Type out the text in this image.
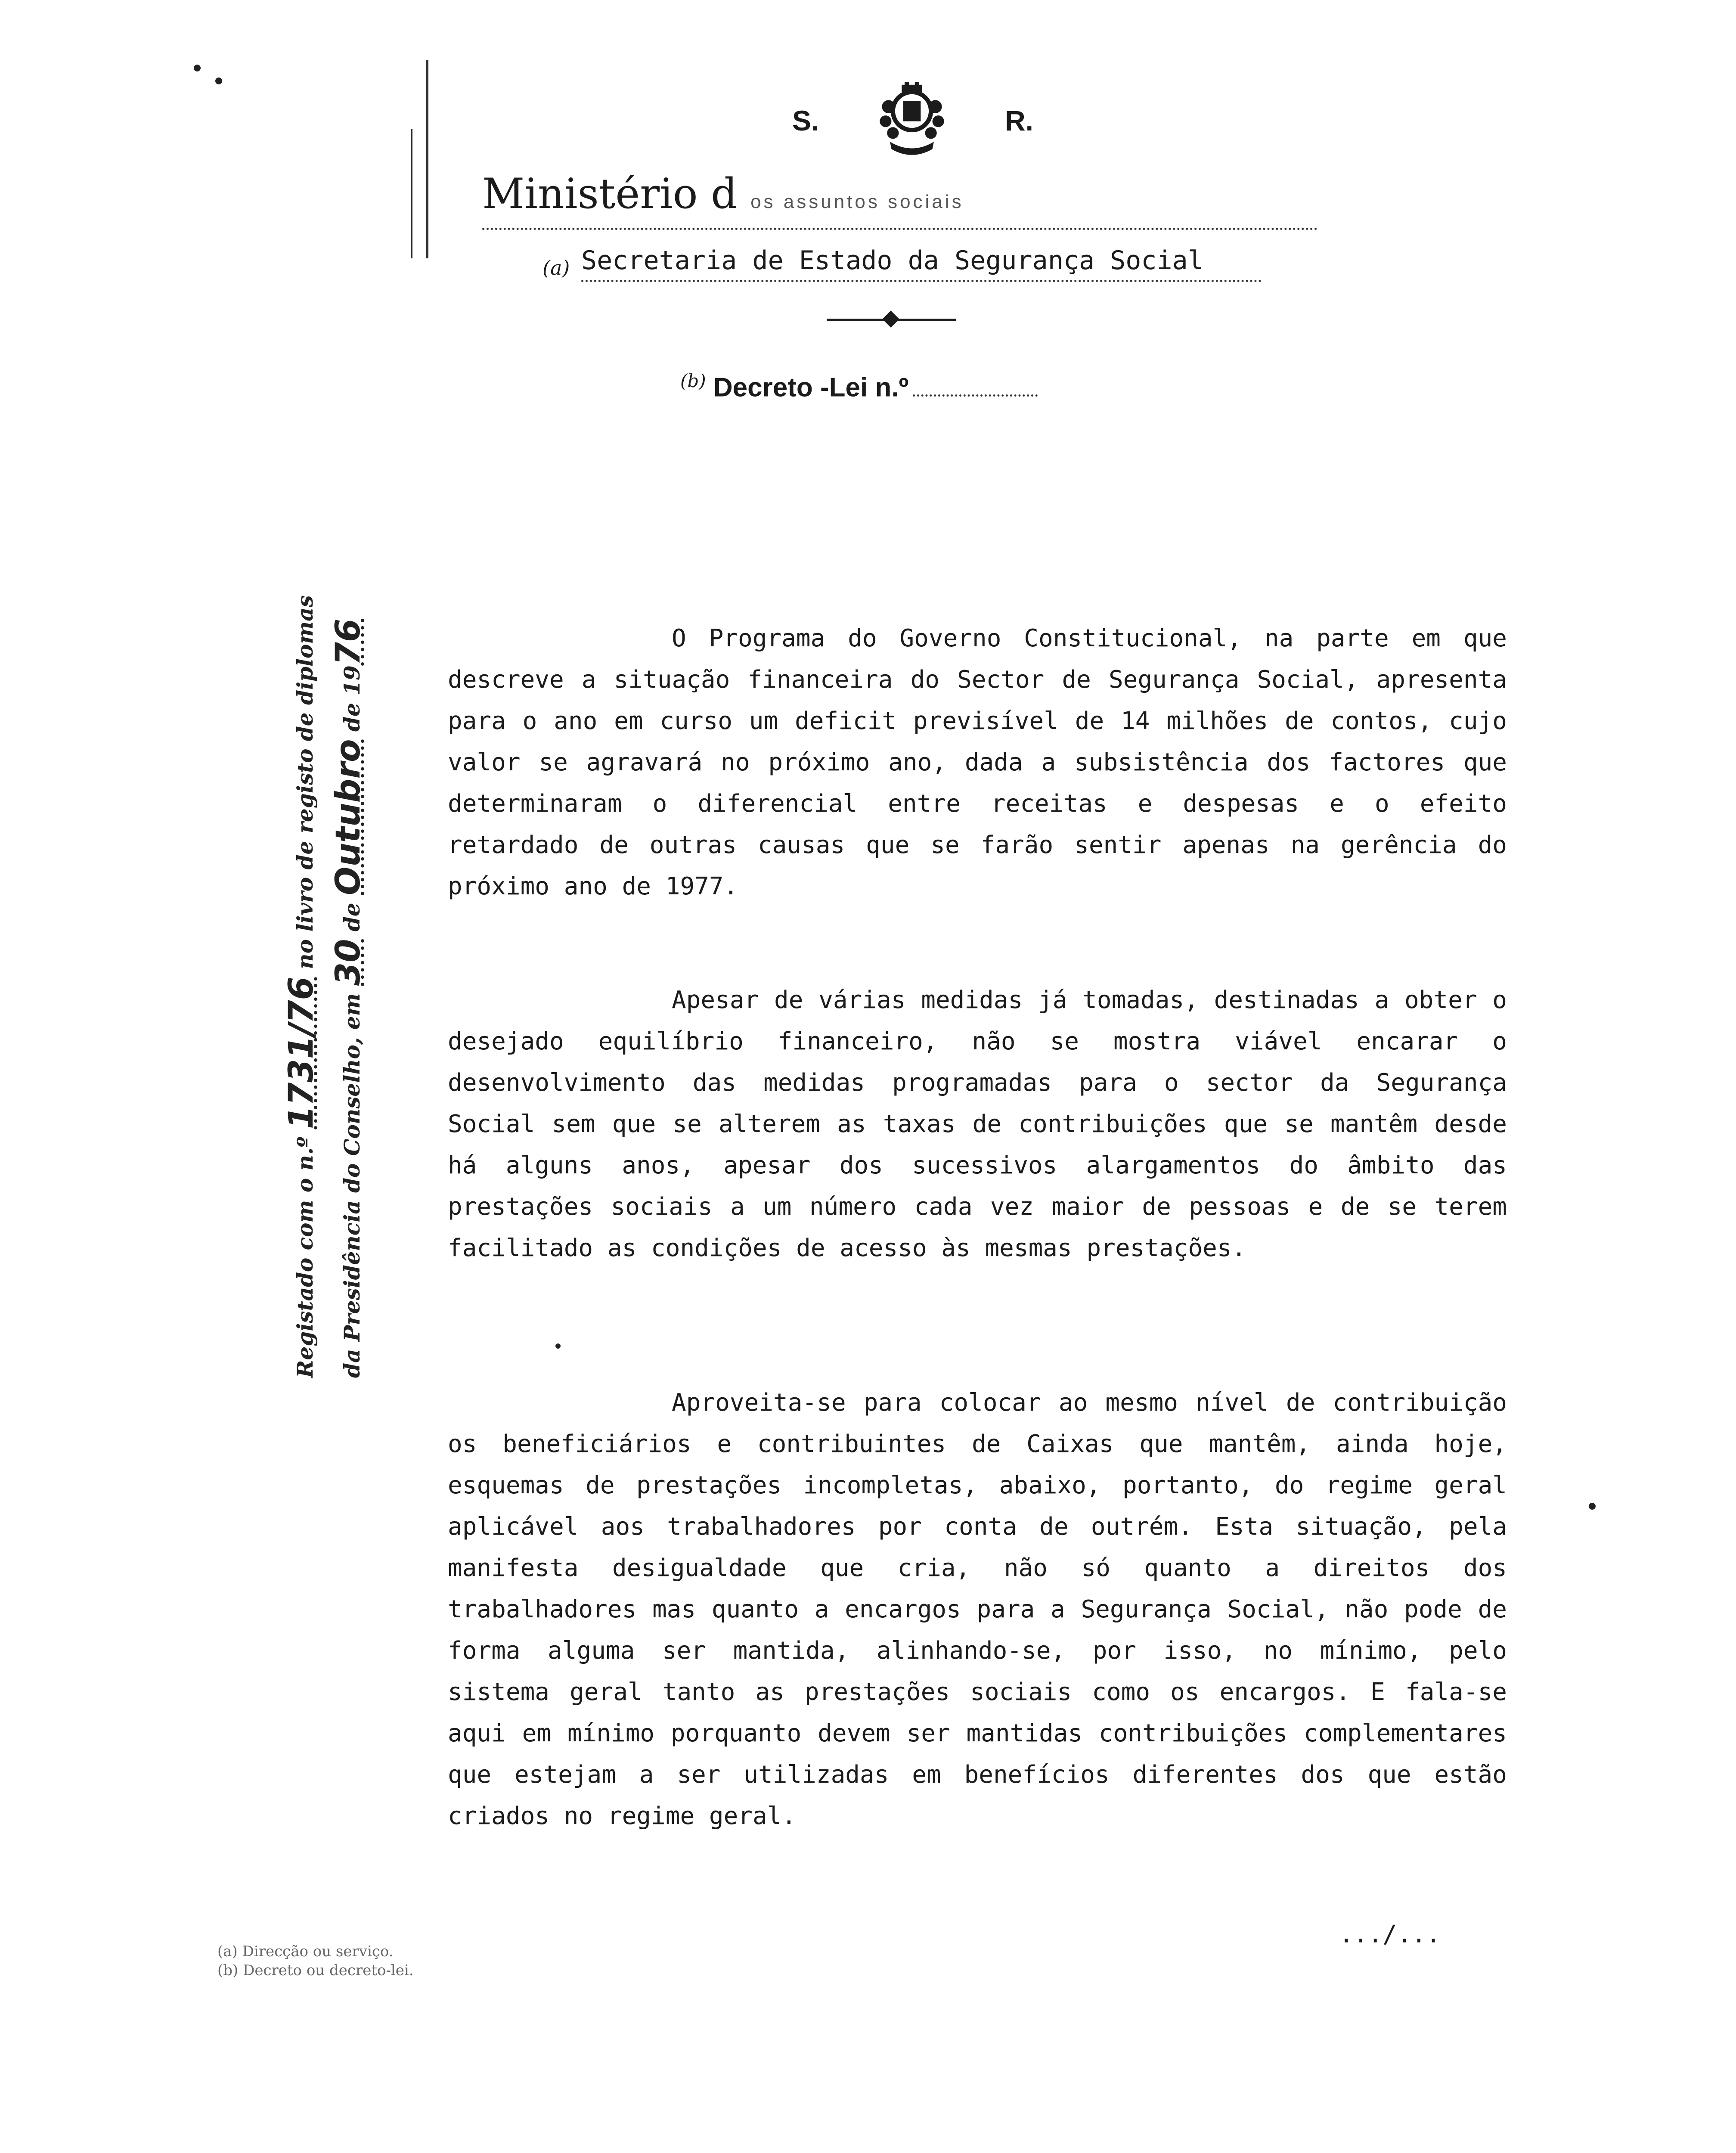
S.	R.
Ministério d os assuntos sociais
(a) Secretaria de Estado da Segurança Social
$^{(b)}$ Decreto -Lei n.º
Registado com o n.º 1731/76 no livro de registo de diplomas
da Presidência do Conselho, em 30 de Outubro de 1976	O Programa do Governo Constitucional, na parte em que descreve a situação financeira do Sector de Segurança Social, apresenta para o ano em curso um deficit previsível de 14 milhões de contos, cujo valor se agravará no próximo ano, dada a subsistência dos factores que determinaram o diferencial entre receitas e despesas e o efeito retardado de outras causas que se farão sentir apenas na gerência do próximo ano de 1977.

Apesar de várias medidas já tomadas, destinadas a obter o desejado equilíbrio financeiro, não se mostra viável encarar o desenvolvimento das medidas programadas para o sector da Segurança Social sem que se alterem as taxas de contribuições que se mantêm desde há alguns anos, apesar dos sucessivos alargamentos do âmbito das prestações sociais a um número cada vez maior de pessoas e de se terem facilitado as condições de acesso às mesmas prestações.

Aproveita-se para colocar ao mesmo nível de contribuição os beneficiários e contribuintes de Caixas que mantêm, ainda hoje, esquemas de prestações incompletas, abaixo, portanto, do regime geral aplicável aos trabalhadores por conta de outrém. Esta situação, pela manifesta desigualdade que cria, não só quanto a direitos dos trabalhadores mas quanto a encargos para a Segurança Social, não pode de forma alguma ser mantida, alinhando-se, por isso, no mínimo, pelo sistema geral tanto as prestações sociais como os encargos. E fala-se aqui em mínimo porquanto devem ser mantidas contribuições complementares que estejam a ser utilizadas em benefícios diferentes dos que estão criados no regime geral.

.../...
(a) Direcção ou serviço.
(b) Decreto ou decreto-lei.
